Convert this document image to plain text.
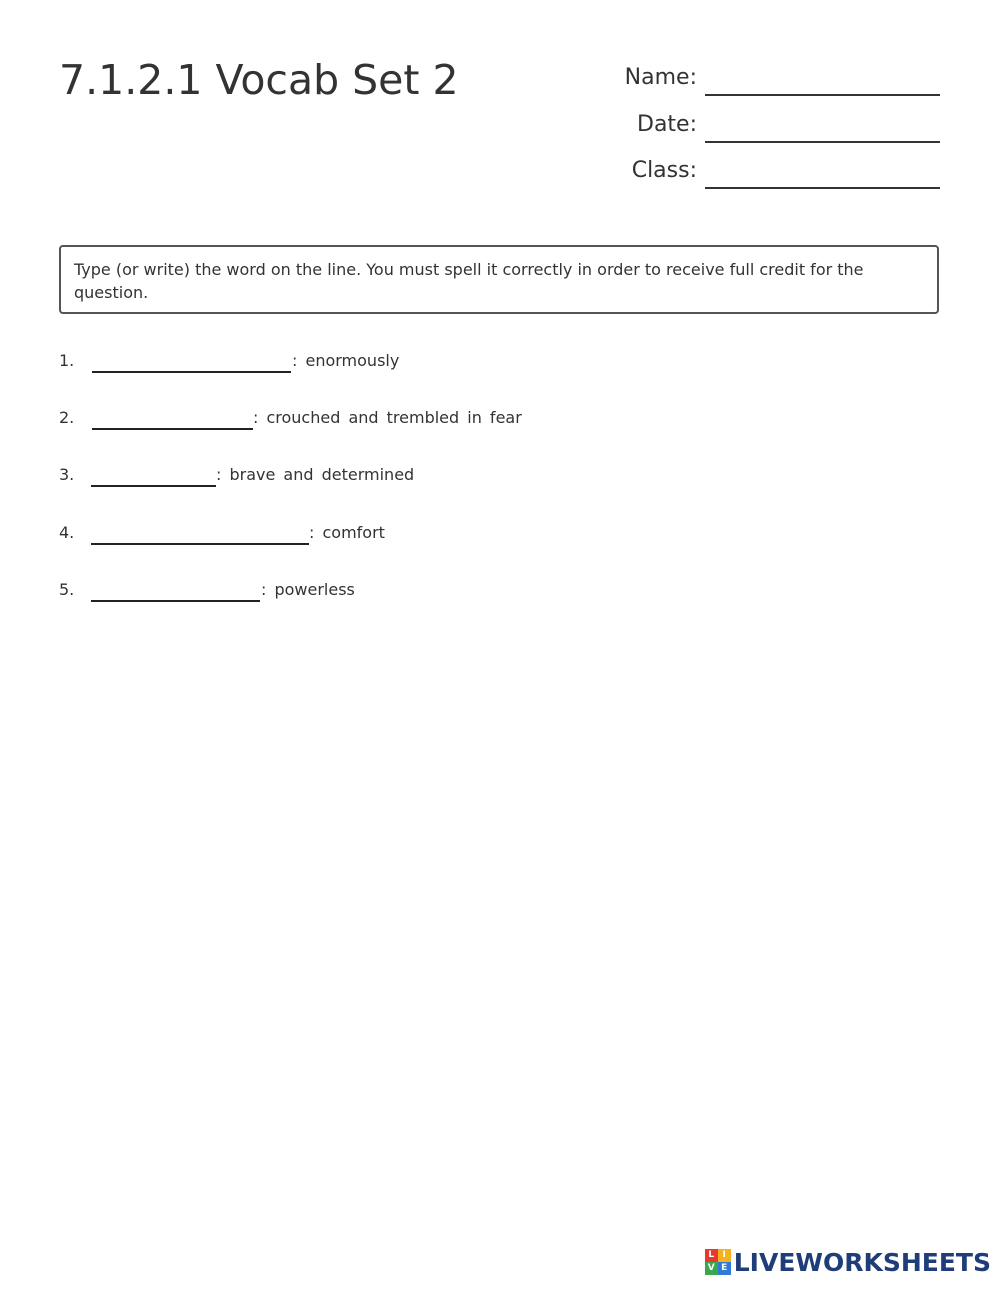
7.1.2.1 Vocab Set 2	Name:
Date:
Class:
Type (or write) the word on the line. You must spell it correctly in order to receive full credit for the question.
1.	: enormously
2.	: crouched and trembled in fear
3.	: brave and determined
4.	: comfort
5.	: powerless
L I
V E LIVEWORKSHEETS
